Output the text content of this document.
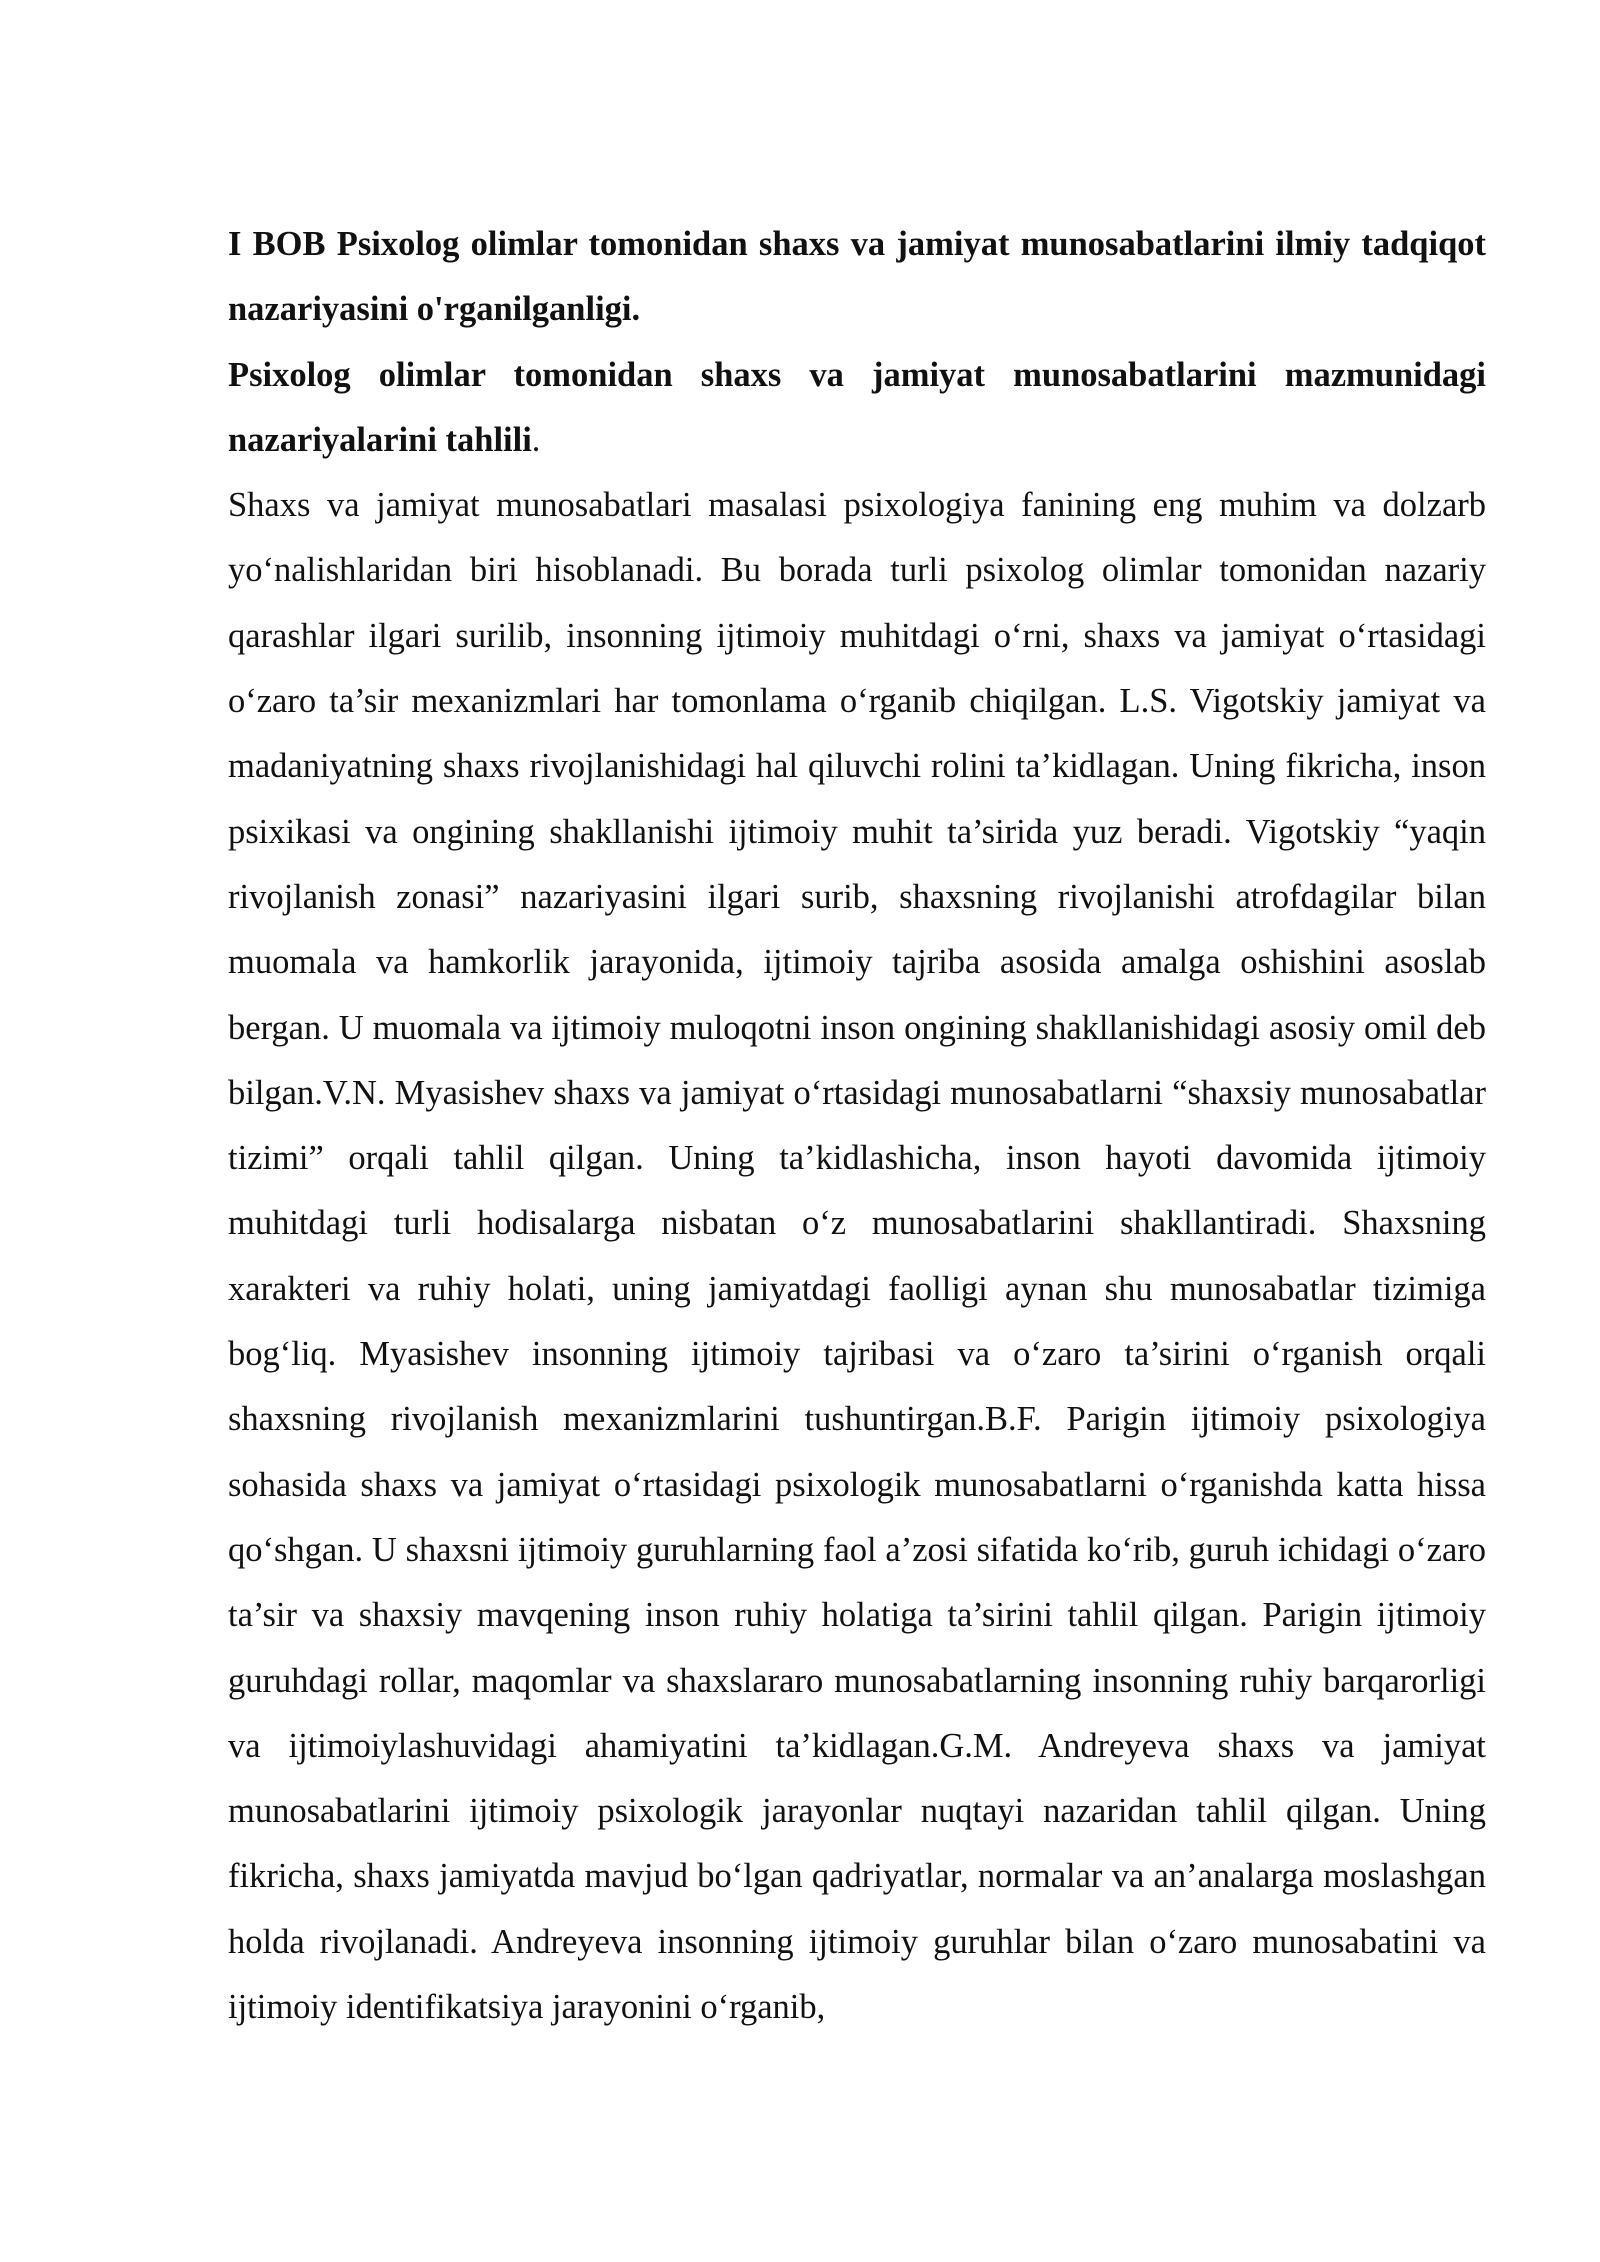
I BOB Psixolog olimlar tomonidan shaxs va jamiyat munosabatlarini ilmiy tadqiqot nazariyasini o'rganilganligi.

Psixolog olimlar tomonidan shaxs va jamiyat munosabatlarini mazmunidagi nazariyalarini tahlili.

Shaxs va jamiyat munosabatlari masalasi psixologiya fanining eng muhim va dolzarb yo‘nalishlaridan biri hisoblanadi. Bu borada turli psixolog olimlar tomonidan nazariy qarashlar ilgari surilib, insonning ijtimoiy muhitdagi o‘rni, shaxs va jamiyat o‘rtasidagi o‘zaro ta’sir mexanizmlari har tomonlama o‘rganib chiqilgan. L.S. Vigotskiy jamiyat va madaniyatning shaxs rivojlanishidagi hal qiluvchi rolini ta’kidlagan. Uning fikricha, inson psixikasi va ongining shakllanishi ijtimoiy muhit ta’sirida yuz beradi. Vigotskiy “yaqin rivojlanish zonasi” nazariyasini ilgari surib, shaxsning rivojlanishi atrofdagilar bilan muomala va hamkorlik jarayonida, ijtimoiy tajriba asosida amalga oshishini asoslab bergan. U muomala va ijtimoiy muloqotni inson ongining shakllanishidagi asosiy omil deb bilgan.V.N. Myasishev shaxs va jamiyat o‘rtasidagi munosabatlarni “shaxsiy munosabatlar tizimi” orqali tahlil qilgan. Uning ta’kidlashicha, inson hayoti davomida ijtimoiy muhitdagi turli hodisalarga nisbatan o‘z munosabatlarini shakllantiradi. Shaxsning xarakteri va ruhiy holati, uning jamiyatdagi faolligi aynan shu munosabatlar tizimiga bog‘liq. Myasishev insonning ijtimoiy tajribasi va o‘zaro ta’sirini o‘rganish orqali shaxsning rivojlanish mexanizmlarini tushuntirgan.B.F. Parigin ijtimoiy psixologiya sohasida shaxs va jamiyat o‘rtasidagi psixologik munosabatlarni o‘rganishda katta hissa qo‘shgan. U shaxsni ijtimoiy guruhlarning faol a’zosi sifatida ko‘rib, guruh ichidagi o‘zaro ta’sir va shaxsiy mavqening inson ruhiy holatiga ta’sirini tahlil qilgan. Parigin ijtimoiy guruhdagi rollar, maqomlar va shaxslararo munosabatlarning insonning ruhiy barqarorligi va ijtimoiylashuvidagi ahamiyatini ta’kidlagan.G.M. Andreyeva shaxs va jamiyat munosabatlarini ijtimoiy psixologik jarayonlar nuqtayi nazaridan tahlil qilgan. Uning fikricha, shaxs jamiyatda mavjud bo‘lgan qadriyatlar, normalar va an’analarga moslashgan holda rivojlanadi. Andreyeva insonning ijtimoiy guruhlar bilan o‘zaro munosabatini va ijtimoiy identifikatsiya jarayonini o‘rganib,
